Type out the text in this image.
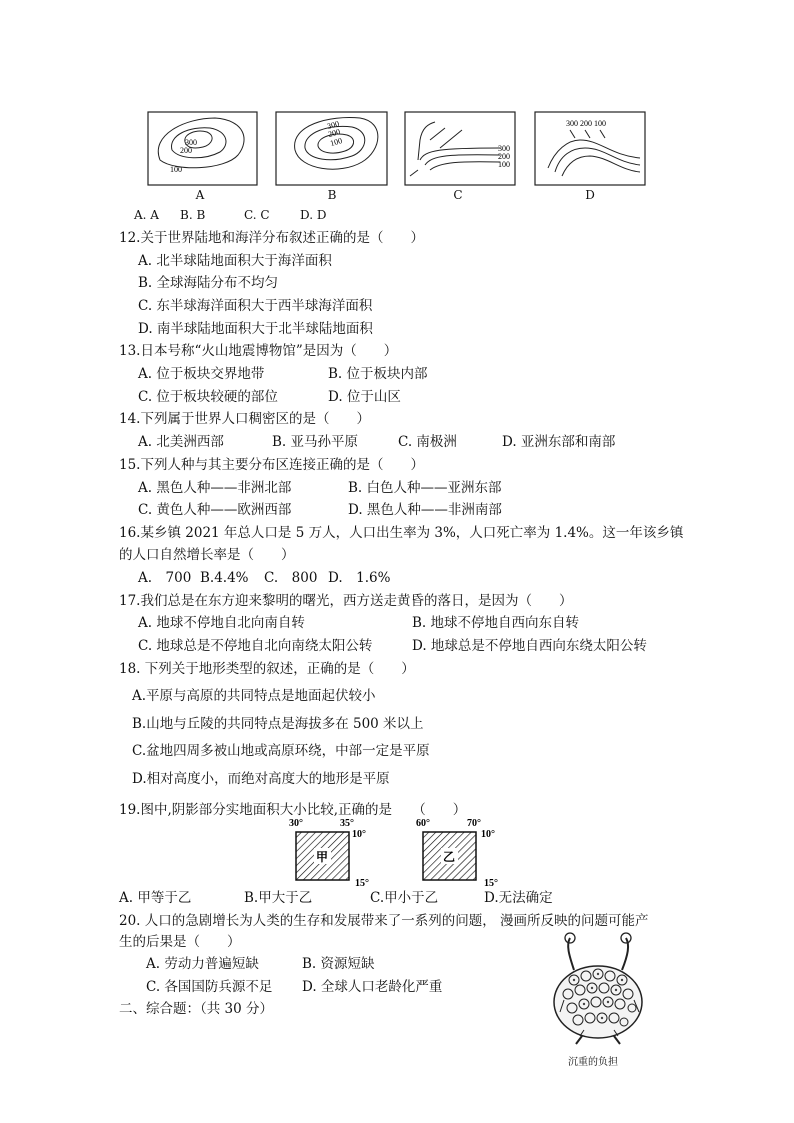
300
200
100
300
200
100
300
200
100
300 200 100
A	B	C	D
A. A B. B	C. C	D. D
12.关于世界陆地和海洋分布叙述正确的是（　　）
A. 北半球陆地面积大于海洋面积
B. 全球海陆分布不均匀
C. 东半球海洋面积大于西半球海洋面积
D. 南半球陆地面积大于北半球陆地面积
13.日本号称“火山地震博物馆”是因为（　　）
A. 位于板块交界地带	B. 位于板块内部
C. 位于板块较硬的部位	D. 位于山区
14.下列属于世界人口稠密区的是（　　）
A. 北美洲西部	B. 亚马孙平原	C. 南极洲	D. 亚洲东部和南部
15.下列人种与其主要分布区连接正确的是（　　）
A. 黑色人种——非洲北部	B. 白色人种——亚洲东部
C. 黄色人种——欧洲西部	D. 黑色人种——非洲南部
16.某乡镇 2021 年总人口是 5 万人，人口出生率为 3%，人口死亡率为 1.4%。这一年该乡镇
的人口自然增长率是（　　）
A.　700 B.4.4% C.　800 D.　1.6%
17.我们总是在东方迎来黎明的曙光，西方送走黄昏的落日，是因为（　　）
A. 地球不停地自北向南自转	B. 地球不停地自西向东自转
C. 地球总是不停地自北向南绕太阳公转	D. 地球总是不停地自西向东绕太阳公转
18. 下列关于地形类型的叙述，正确的是（　　）
A.平原与高原的共同特点是地面起伏较小
B.山地与丘陵的共同特点是海拔多在 500 米以上
C.盆地四周多被山地或高原环绕，中部一定是平原
D.相对高度小，而绝对高度大的地形是平原
19.图中,阴影部分实地面积大小比较,正确的是　　（　　）
甲
30°	35°
10°
15°
乙
60°	70°
10°
15°
A. 甲等于乙	B.甲大于乙	C.甲小于乙	D.无法确定
20. 人口的急剧增长为人类的生存和发展带来了一系列的问题， 漫画所反映的问题可能产
生的后果是（　　）
A. 劳动力普遍短缺	B. 资源短缺
C. 各国国防兵源不足 D. 全球人口老龄化严重
沉重的负担
二、综合题：（共 30 分）
